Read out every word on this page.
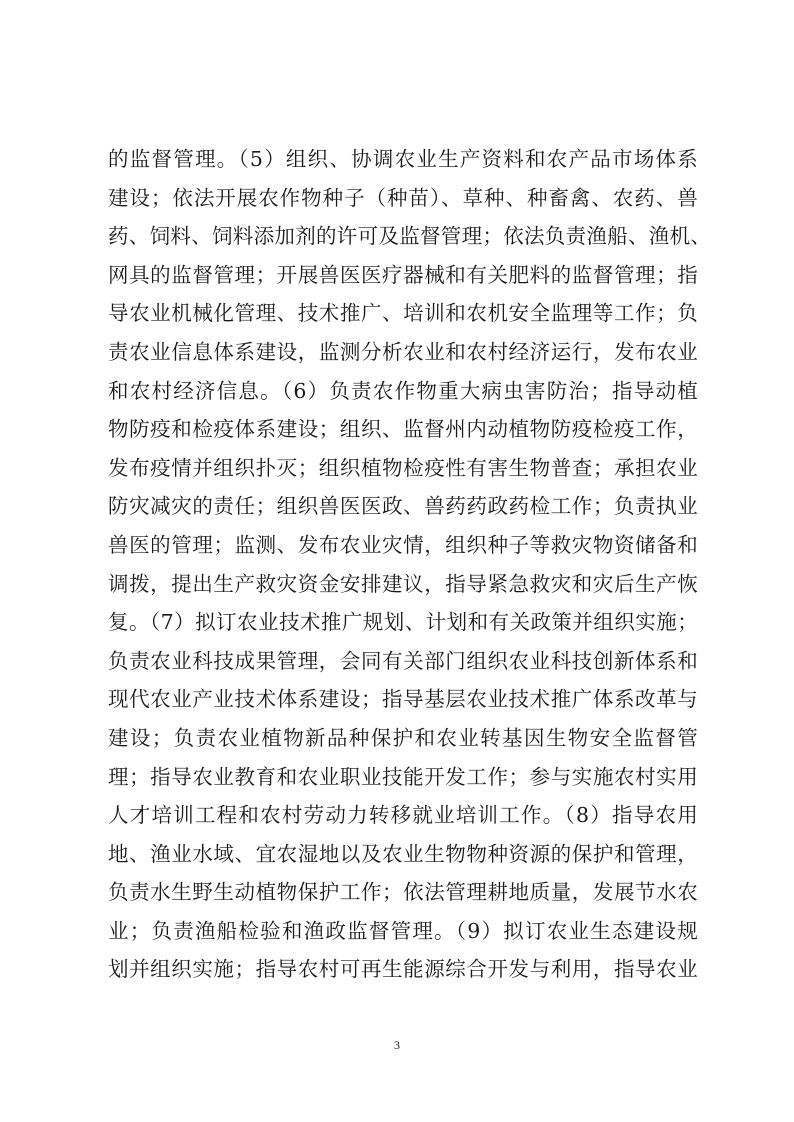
的监督管理。（5）组织、协调农业生产资料和农产品市场体系
建设；依法开展农作物种子（种苗）、草种、种畜禽、农药、兽
药、饲料、饲料添加剂的许可及监督管理；依法负责渔船、渔机、
网具的监督管理；开展兽医医疗器械和有关肥料的监督管理；指
导农业机械化管理、技术推广、培训和农机安全监理等工作；负
责农业信息体系建设，监测分析农业和农村经济运行，发布农业
和农村经济信息。（6）负责农作物重大病虫害防治；指导动植
物防疫和检疫体系建设；组织、监督州内动植物防疫检疫工作，
发布疫情并组织扑灭；组织植物检疫性有害生物普查；承担农业
防灾减灾的责任；组织兽医医政、兽药药政药检工作；负责执业
兽医的管理；监测、发布农业灾情，组织种子等救灾物资储备和
调拨，提出生产救灾资金安排建议，指导紧急救灾和灾后生产恢
复。（7）拟订农业技术推广规划、计划和有关政策并组织实施；
负责农业科技成果管理，会同有关部门组织农业科技创新体系和
现代农业产业技术体系建设；指导基层农业技术推广体系改革与
建设；负责农业植物新品种保护和农业转基因生物安全监督管
理；指导农业教育和农业职业技能开发工作；参与实施农村实用
人才培训工程和农村劳动力转移就业培训工作。（8）指导农用
地、渔业水域、宜农湿地以及农业生物物种资源的保护和管理，
负责水生野生动植物保护工作；依法管理耕地质量，发展节水农
业；负责渔船检验和渔政监督管理。（9）拟订农业生态建设规
划并组织实施；指导农村可再生能源综合开发与利用，指导农业
3
